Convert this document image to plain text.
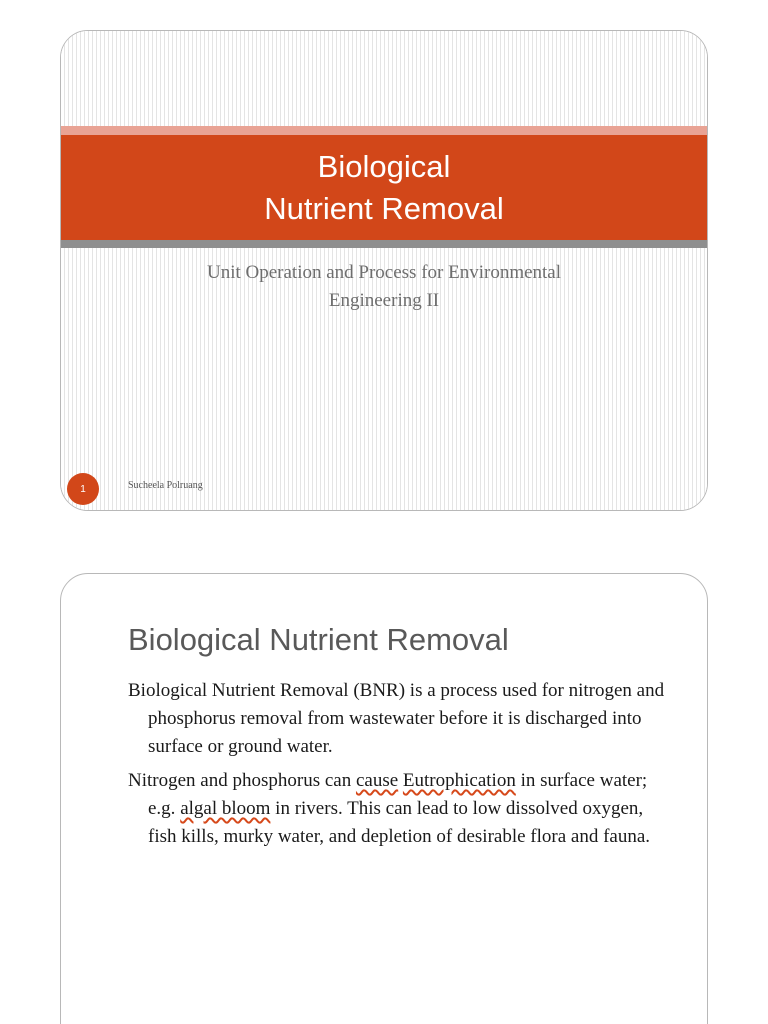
Biological
Nutrient Removal
Unit Operation and Process for Environmental
Engineering II
1	Sucheela Polruang
Biological Nutrient Removal

Biological Nutrient Removal (BNR) is a process used for nitrogen and phosphorus removal from wastewater before it is discharged into surface or ground water.

Nitrogen and phosphorus can cause Eutrophication in surface water; e.g. algal bloom in rivers. This can lead to low dissolved oxygen, fish kills, murky water, and depletion of desirable flora and fauna.
